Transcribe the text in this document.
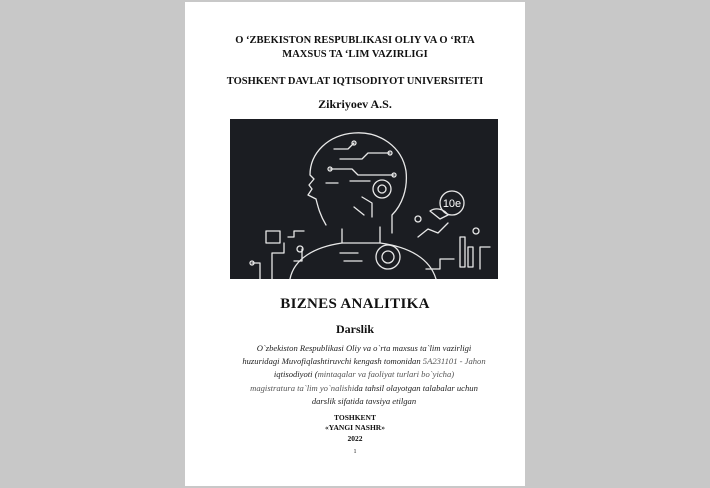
O ‘ZBEKISTON RESPUBLIKASI OLIY VA O ‘RTA
MAXSUS TA ‘LIM VAZIRLIGI
TOSHKENT DAVLAT IQTISODIYOT UNIVERSITETI
Zikriyoev A.S.
10e
BIZNES ANALITIKA
Darslik
O`zbekiston Respublikasi Oliy va o`rta maxsus ta`lim vazirligi
huzuridagi Muvofiqlashtiruvchi kengash tomonidan 5A231101 - Jahon
iqtisodiyoti (mintaqalar va faoliyat turlari bo`yicha)
magistratura ta`lim yo`nalishida tahsil olayotgan talabalar uchun
darslik sifatida tavsiya etilgan
TOSHKENT
«YANGI NASHR»
2022
1
